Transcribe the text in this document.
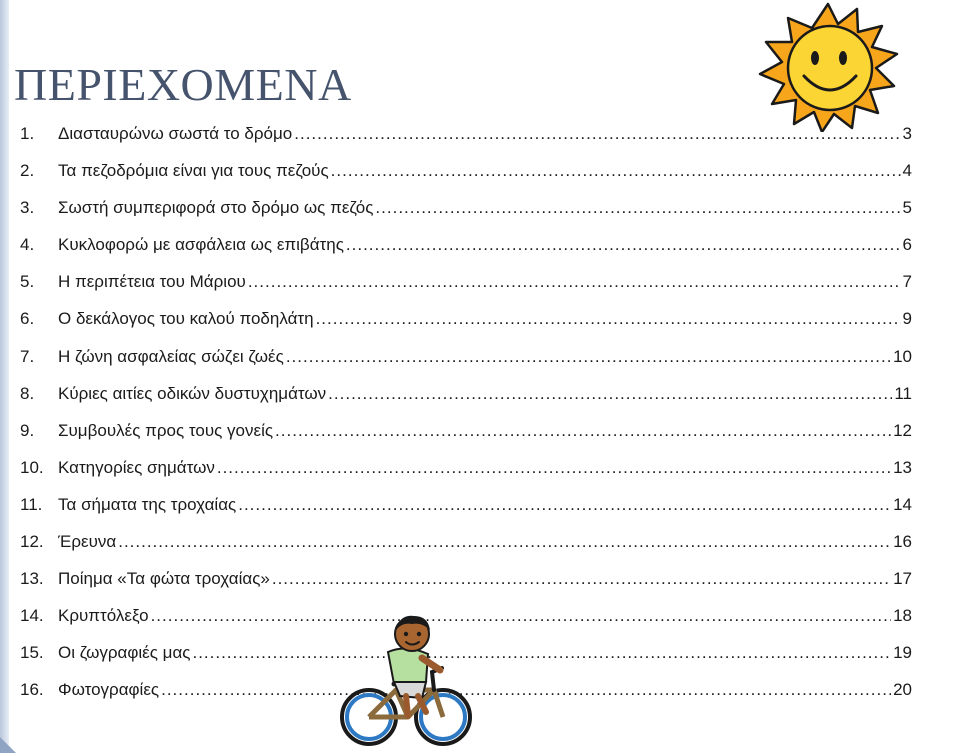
ΠΕΡΙΕΧΟΜΕΝΑ
1.	Διασταυρώνω σωστά το δρόμο .....	3
2.	Τα πεζοδρόμια είναι για τους πεζούς .....	4
3.	Σωστή συμπεριφορά στο δρόμο ως πεζός .....	5
4.	Κυκλοφορώ με ασφάλεια ως επιβάτης .....	6
5.	Η περιπέτεια του Μάριου .....	7
6.	Ο δεκάλογος του καλού ποδηλάτη .....	9
7.	Η ζώνη ασφαλείας σώζει ζωές .....	10
8.	Κύριες αιτίες οδικών δυστυχημάτων .....	11
9.	Συμβουλές προς τους γονείς .....	12
10. Κατηγορίες σημάτων .....	13
11. Τα σήματα της τροχαίας .....	14
12. Έρευνα .....	16
13. Ποίημα «Τα φώτα τροχαίας» .....	17
14. Κρυπτόλεξο .....	18
15. Οι ζωγραφιές μας .....	19
16. Φωτογραφίες .....	20
